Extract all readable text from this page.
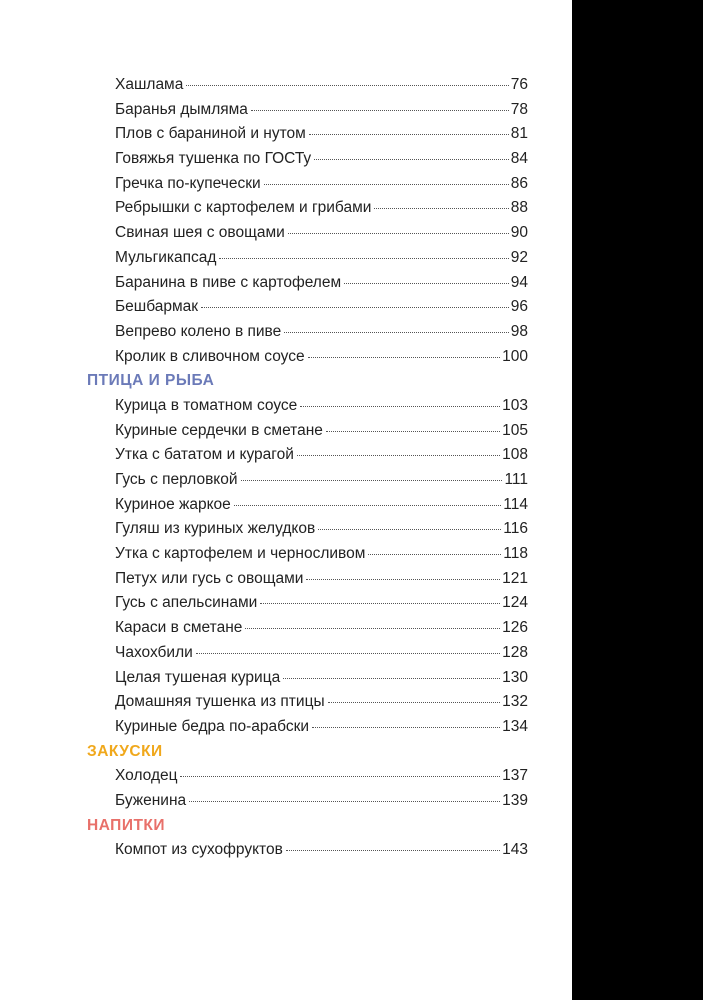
Хашлама	76
Баранья дымляма	78
Плов с бараниной и нутом	81
Говяжья тушенка по ГОСТу	84
Гречка по-купечески	86
Ребрышки с картофелем и грибами	88
Свиная шея с овощами	90
Мульгикапсад	92
Баранина в пиве с картофелем	94
Бешбармак	96
Вепрево колено в пиве	98
Кролик в сливочном соусе	100
ПТИЦА И РЫБА
Курица в томатном соусе	103
Куриные сердечки в сметане	105
Утка с бататом и курагой	108
Гусь с перловкой	111
Куриное жаркое	114
Гуляш из куриных желудков	116
Утка с картофелем и черносливом	118
Петух или гусь с овощами	121
Гусь с апельсинами	124
Караси в сметане	126
Чахохбили	128
Целая тушеная курица	130
Домашняя тушенка из птицы	132
Куриные бедра по-арабски	134
ЗАКУСКИ
Холодец	137
Буженина	139
НАПИТКИ
Компот из сухофруктов	143
